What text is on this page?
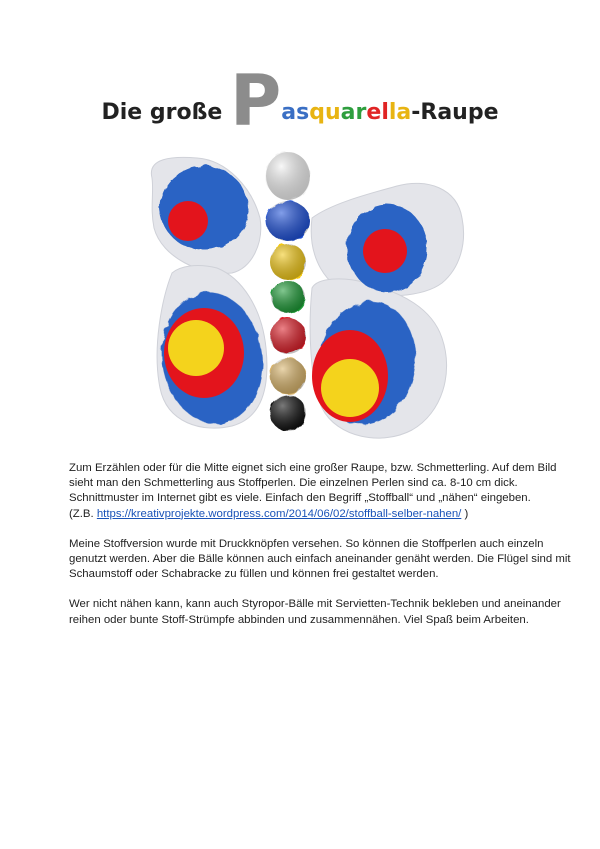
Die große Pasquarella-Raupe

Zum Erzählen oder für die Mitte eignet sich eine großer Raupe, bzw. Schmetterling. Auf dem Bild
sieht man den Schmetterling aus Stoffperlen. Die einzelnen Perlen sind ca. 8-10 cm dick.
Schnittmuster im Internet gibt es viele. Einfach den Begriff „Stoffball“ und „nähen“ eingeben.
(Z.B. https://kreativprojekte.wordpress.com/2014/06/02/stoffball-selber-nahen/ )

Meine Stoffversion wurde mit Druckknöpfen versehen. So können die Stoffperlen auch einzeln
genutzt werden. Aber die Bälle können auch einfach aneinander genäht werden. Die Flügel sind mit
Schaumstoff oder Schabracke zu füllen und können frei gestaltet werden.

Wer nicht nähen kann, kann auch Styropor-Bälle mit Servietten-Technik bekleben und aneinander
reihen oder bunte Stoff-Strümpfe abbinden und zusammennähen. Viel Spaß beim Arbeiten.
